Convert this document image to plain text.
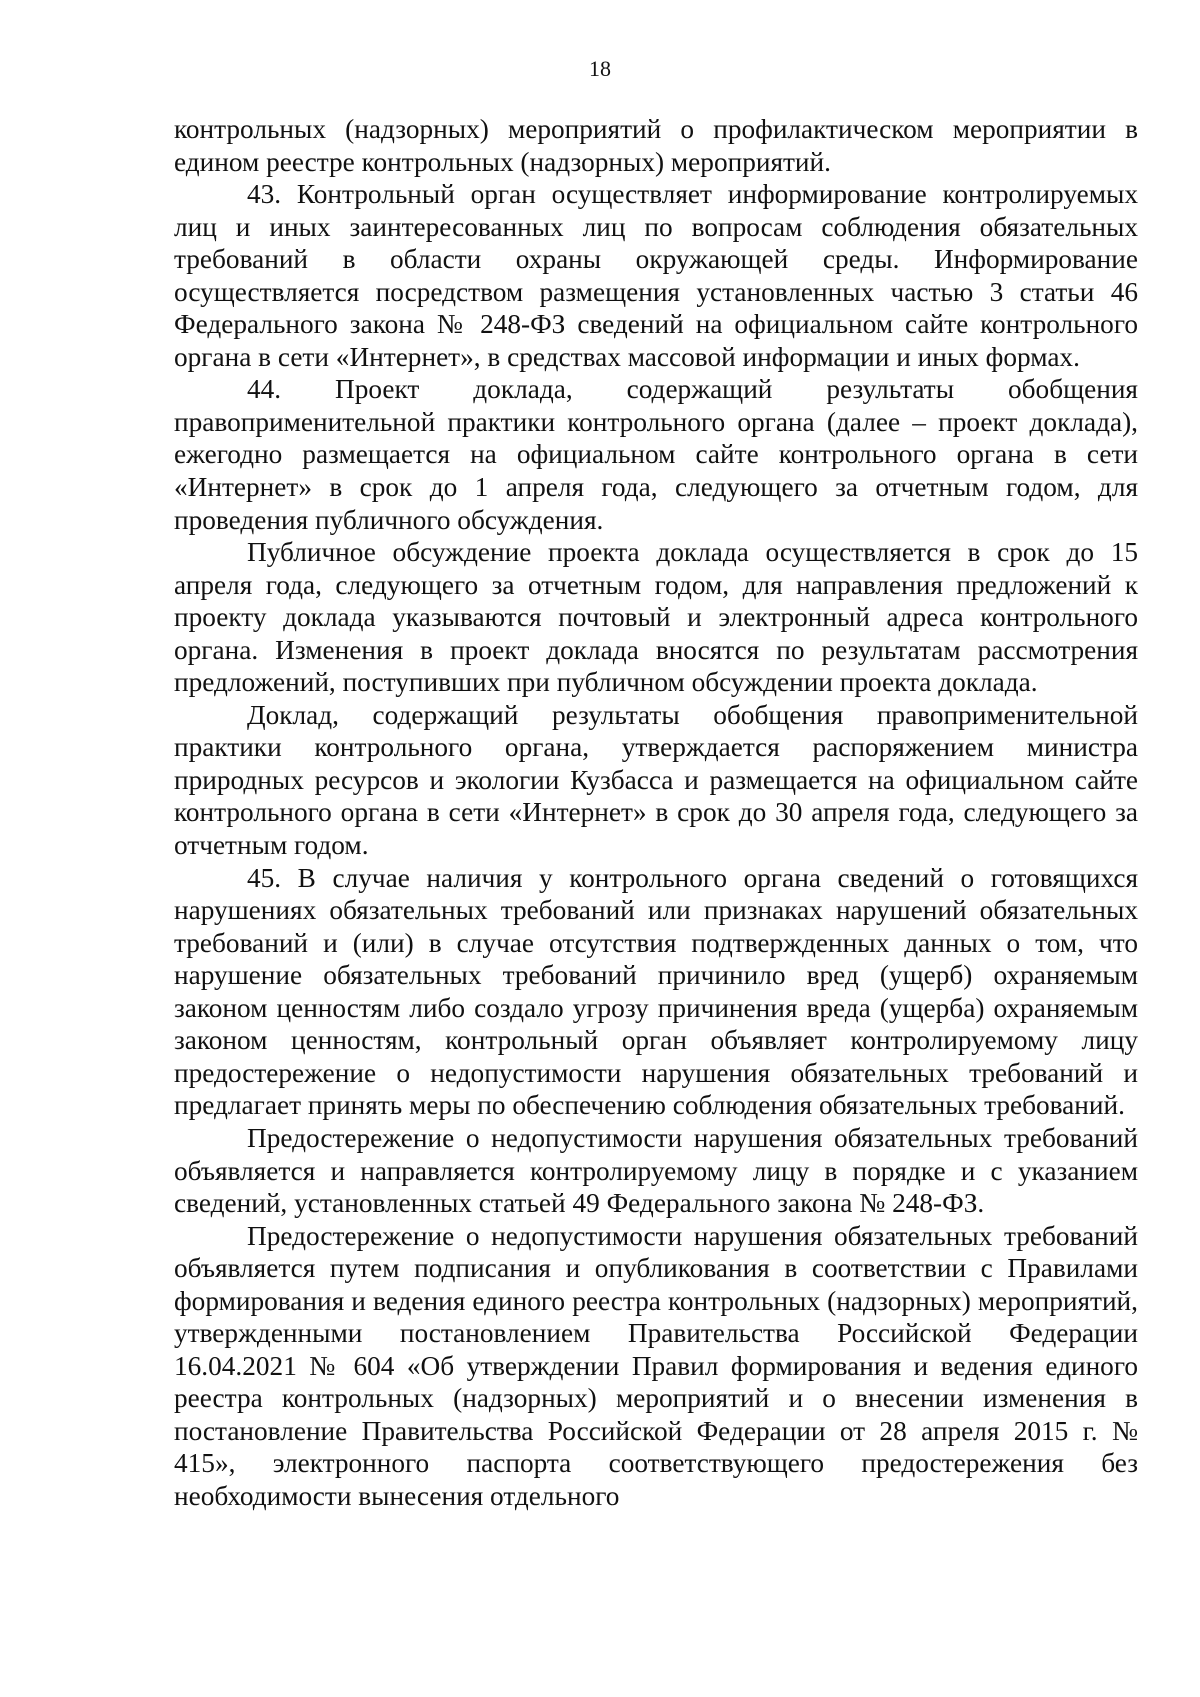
18

контрольных (надзорных) мероприятий о профилактическом мероприятии в едином реестре контрольных (надзорных) мероприятий.

43. Контрольный орган осуществляет информирование контролируемых лиц и иных заинтересованных лиц по вопросам соблюдения обязательных требований в области охраны окружающей среды. Информирование осуществляется посредством размещения установленных частью 3 статьи 46 Федерального закона № 248-ФЗ сведений на официальном сайте контрольного органа в сети «Интернет», в средствах массовой информации и иных формах.

44. Проект доклада, содержащий результаты обобщения правоприменительной практики контрольного органа (далее – проект доклада), ежегодно размещается на официальном сайте контрольного органа в сети «Интернет» в срок до 1 апреля года, следующего за отчетным годом, для проведения публичного обсуждения.

Публичное обсуждение проекта доклада осуществляется в срок до 15 апреля года, следующего за отчетным годом, для направления предложений к проекту доклада указываются почтовый и электронный адреса контрольного органа. Изменения в проект доклада вносятся по результатам рассмотрения предложений, поступивших при публичном обсуждении проекта доклада.

Доклад, содержащий результаты обобщения правоприменительной практики контрольного органа, утверждается распоряжением министра природных ресурсов и экологии Кузбасса и размещается на официальном сайте контрольного органа в сети «Интернет» в срок до 30 апреля года, следующего за отчетным годом.

45. В случае наличия у контрольного органа сведений о готовящихся нарушениях обязательных требований или признаках нарушений обязательных требований и (или) в случае отсутствия подтвержденных данных о том, что нарушение обязательных требований причинило вред (ущерб) охраняемым законом ценностям либо создало угрозу причинения вреда (ущерба) охраняемым законом ценностям, контрольный орган объявляет контролируемому лицу предостережение о недопустимости нарушения обязательных требований и предлагает принять меры по обеспечению соблюдения обязательных требований.

Предостережение о недопустимости нарушения обязательных требований объявляется и направляется контролируемому лицу в порядке и с указанием сведений, установленных статьей 49 Федерального закона № 248-ФЗ.

Предостережение о недопустимости нарушения обязательных требований объявляется путем подписания и опубликования в соответствии с Правилами формирования и ведения единого реестра контрольных (надзорных) мероприятий, утвержденными постановлением Правительства Российской Федерации 16.04.2021 № 604 «Об утверждении Правил формирования и ведения единого реестра контрольных (надзорных) мероприятий и о внесении изменения в постановление Правительства Российской Федерации от 28 апреля 2015 г. № 415», электронного паспорта соответствующего предостережения без необходимости вынесения отдельного
